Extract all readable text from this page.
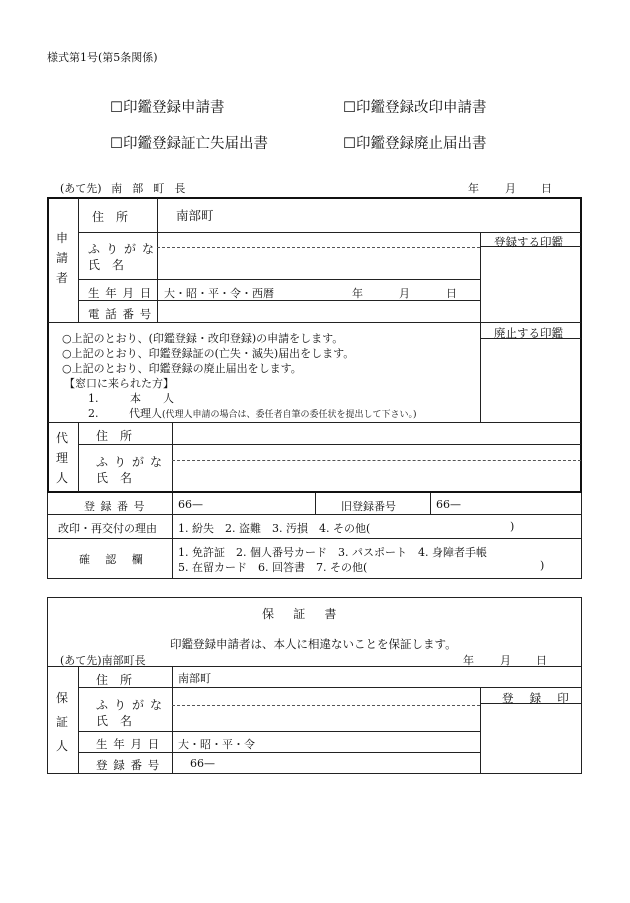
様式第1号(第5条関係)
☐印鑑登録申請書	☐印鑑登録改印申請書
☐印鑑登録証亡失届出書	☐印鑑登録廃止届出書
(あて先) 南 部 町 長	年 月 日
申請者
住　所	南部町
ふりがな
氏　名
生年月日 大・昭・平・令・西暦	年	月	日
電話番号
登録する印鑑
廃止する印鑑
○上記のとおり、(印鑑登録・改印登録)の申請をします。
○上記のとおり、印鑑登録証の(亡失・滅失)届出をします。
○上記のとおり、印鑑登録の廃止届出をします。
【窓口に来られた方】
1.	本　人
2.	代理人(代理人申請の場合は、委任者自筆の委任状を提出して下さい。)
代理人
住　所
ふりがな
氏　名
登録番号	66—	旧登録番号	66—
改印・再交付の理由 1. 紛失　2. 盗難　3. 汚損　4. その他(	)
確　認　欄
1. 免許証　2. 個人番号カード　3. パスポート　4. 身障者手帳
5. 在留カード　6. 回答書　7. その他(	)
保　証　書
印鑑登録申請者は、本人に相違ないことを保証します。
(あて先)南部町長	年 月 日
保証人
住　所	南部町
ふりがな
氏　名
登　録　印
生年月日 大・昭・平・令
登録番号 66—
